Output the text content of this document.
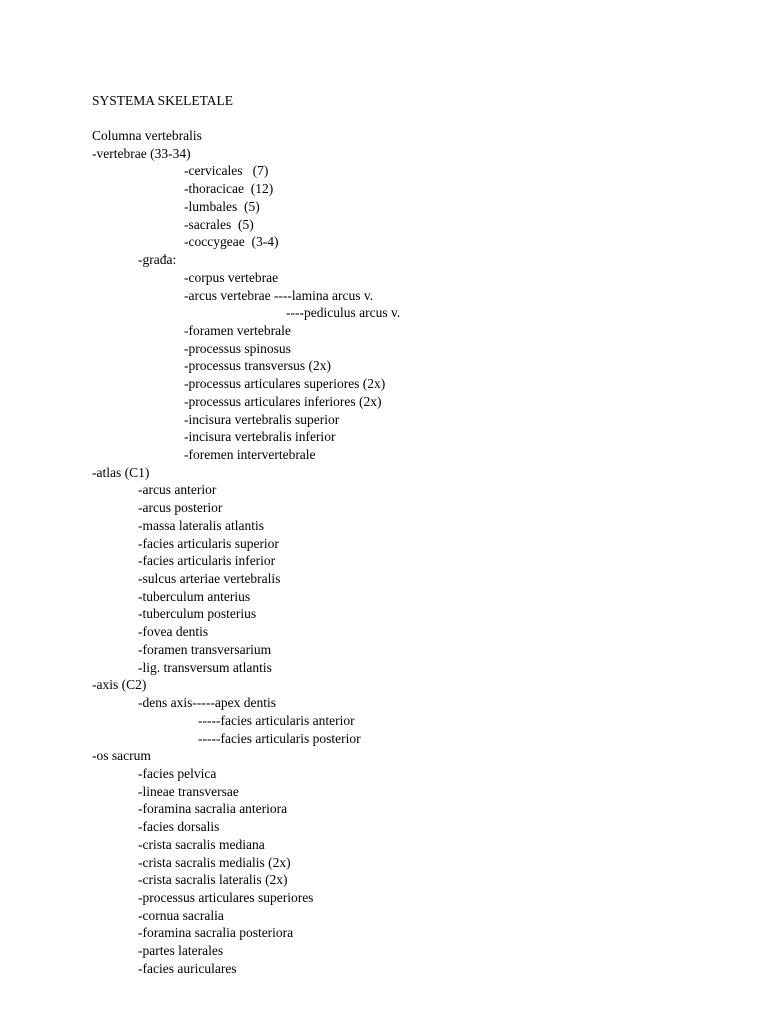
SYSTEMA SKELETALE
Columna vertebralis
-vertebrae (33-34)
-cervicales   (7)
-thoracicae  (12)
-lumbales  (5)
-sacrales  (5)
-coccygeae  (3-4)
-građa:
-corpus vertebrae
-arcus vertebrae ----lamina arcus v.
----pediculus arcus v.
-foramen vertebrale
-processus spinosus
-processus transversus (2x)
-processus articulares superiores (2x)
-processus articulares inferiores (2x)
-incisura vertebralis superior
-incisura vertebralis inferior
-foremen intervertebrale
-atlas (C1)
-arcus anterior
-arcus posterior
-massa lateralis atlantis
-facies articularis superior
-facies articularis inferior
-sulcus arteriae vertebralis
-tuberculum anterius
-tuberculum posterius
-fovea dentis
-foramen transversarium
-lig. transversum atlantis
-axis (C2)
-dens axis-----apex dentis
-----facies articularis anterior
-----facies articularis posterior
-os sacrum
-facies pelvica
-lineae transversae
-foramina sacralia anteriora
-facies dorsalis
-crista sacralis mediana
-crista sacralis medialis (2x)
-crista sacralis lateralis (2x)
-processus articulares superiores
-cornua sacralia
-foramina sacralia posteriora
-partes laterales
-facies auriculares
